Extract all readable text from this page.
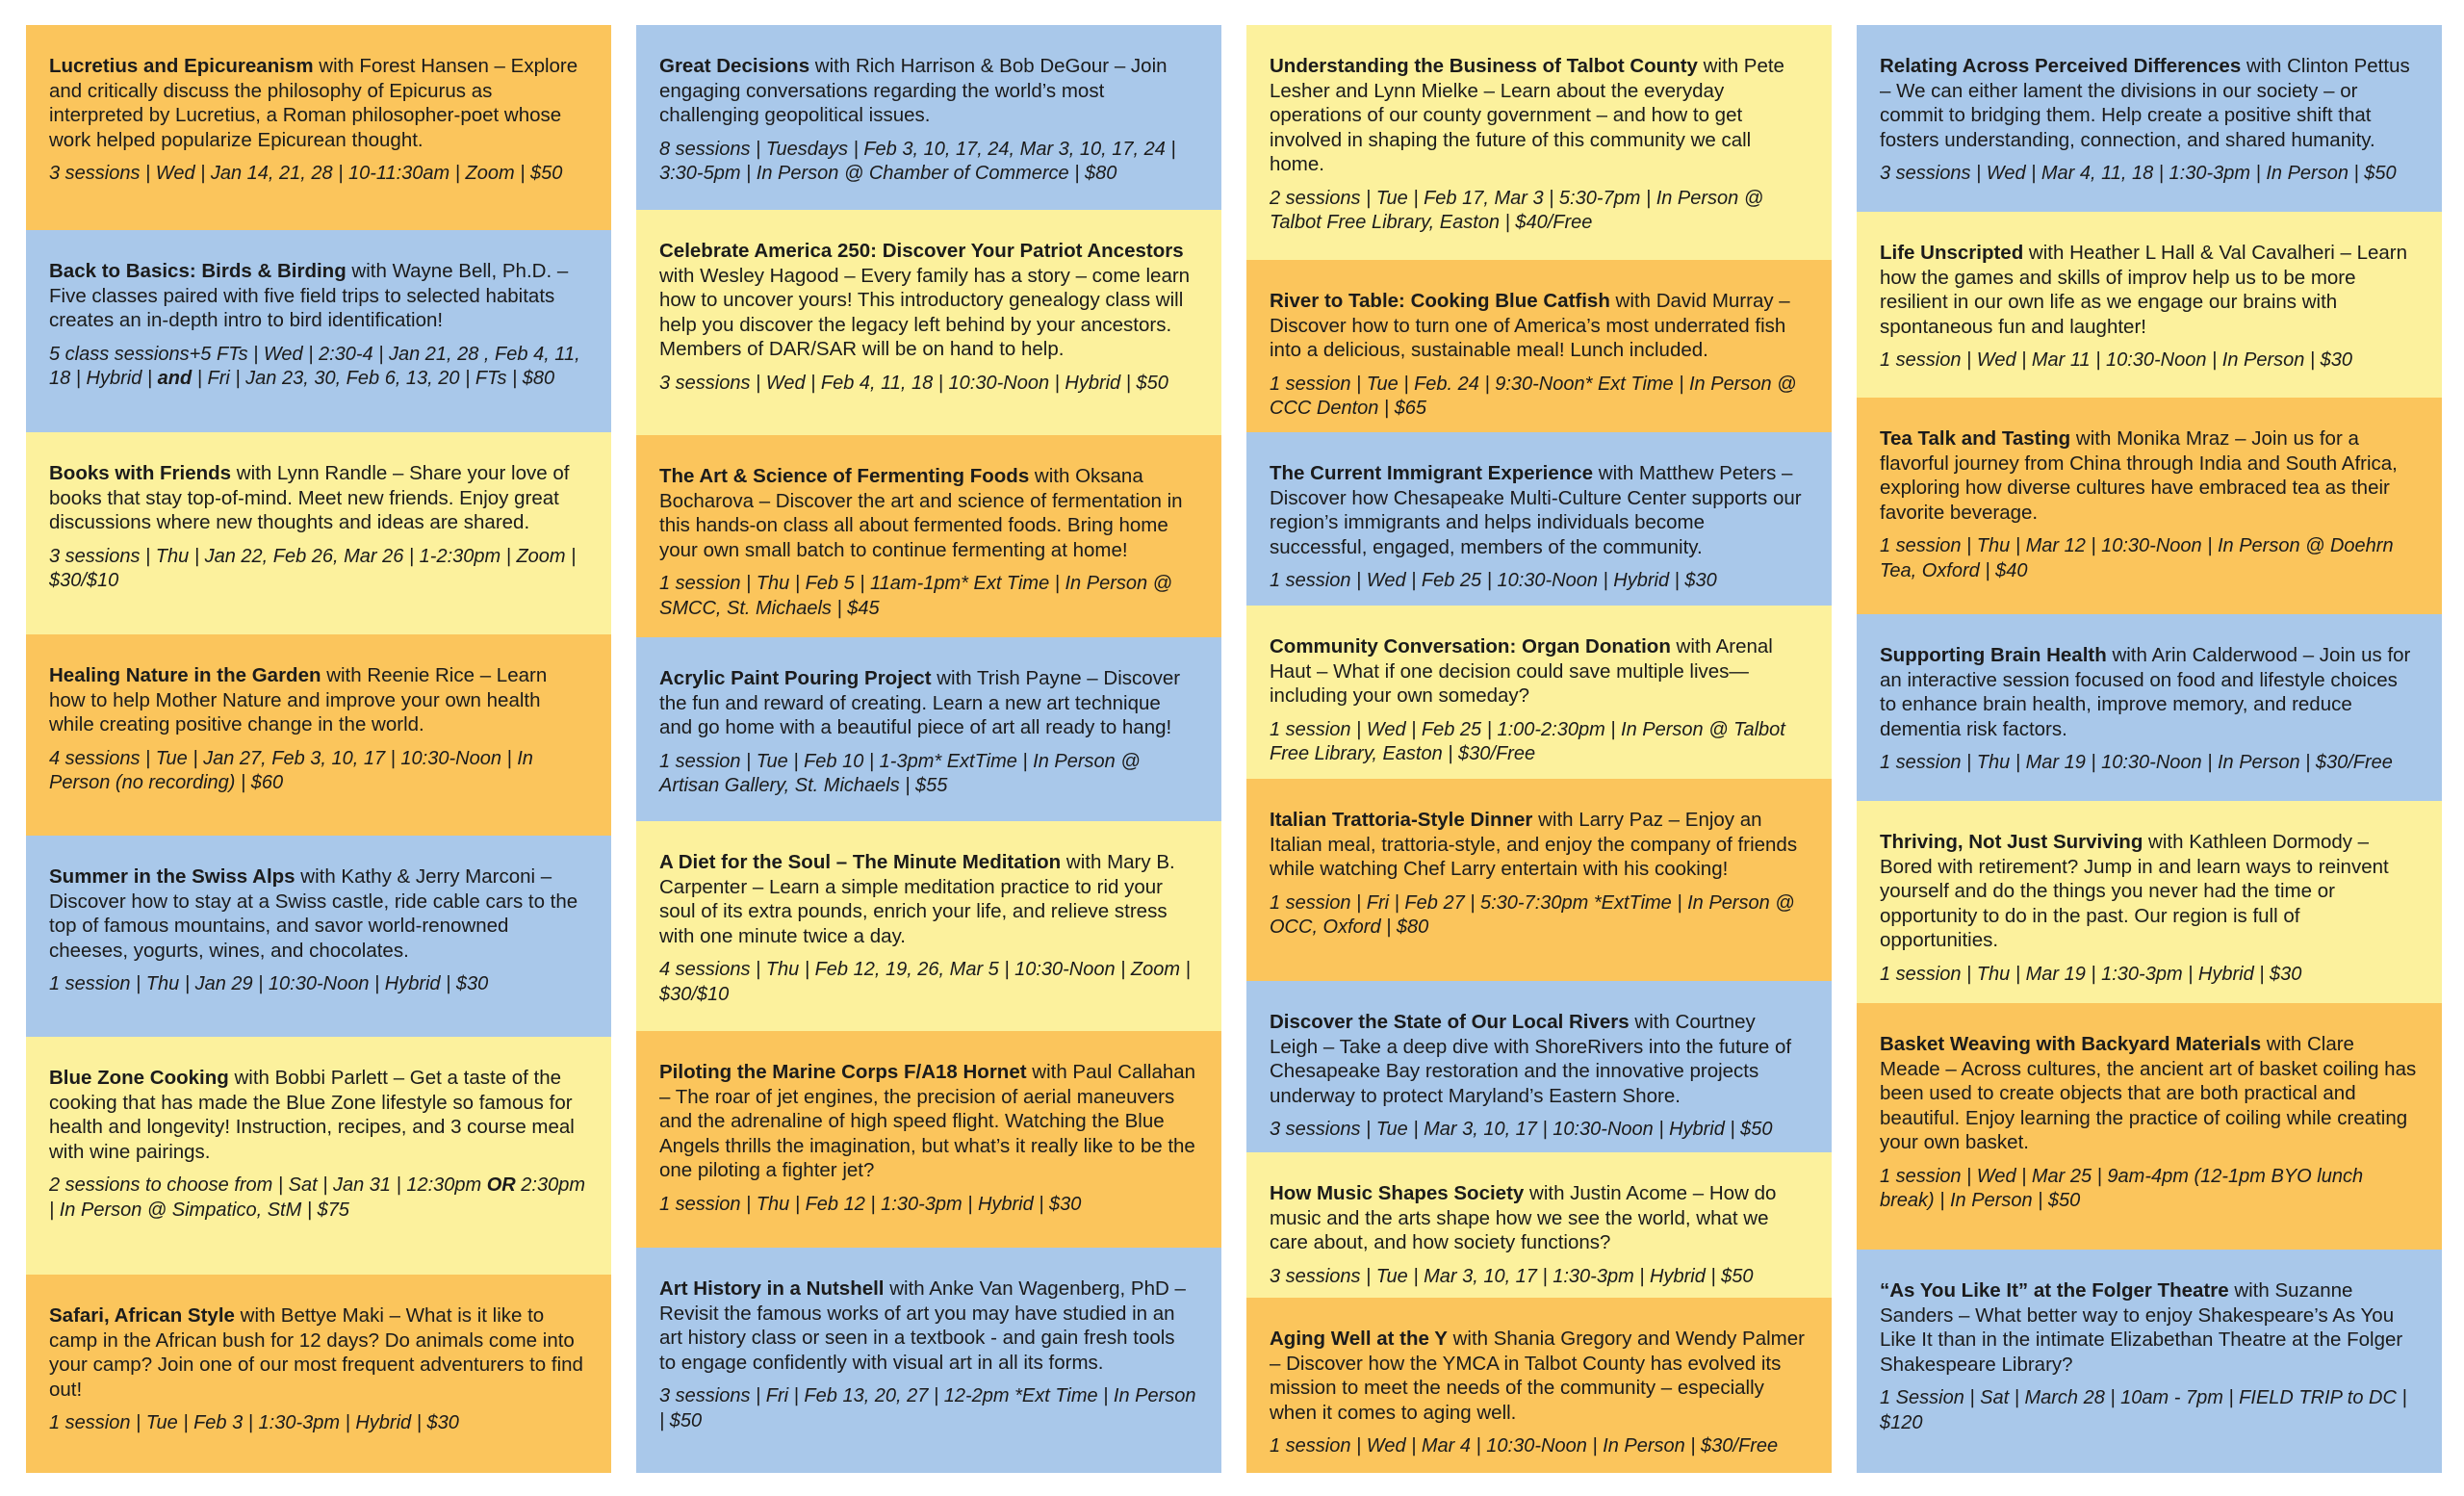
Lucretius and Epicureanism with Forest Hansen – Explore and critically discuss the philosophy of Epicurus as interpreted by Lucretius, a Roman philosopher-poet whose work helped popularize Epicurean thought.

3 sessions | Wed | Jan 14, 21, 28 | 10-11:30am | Zoom | $50

Back to Basics: Birds & Birding with Wayne Bell, Ph.D. – Five classes paired with five field trips to selected habitats creates an in-depth intro to bird identification!

5 class sessions+5 FTs | Wed | 2:30-4 | Jan 21, 28 , Feb 4, 11, 18 | Hybrid | and | Fri | Jan 23, 30, Feb 6, 13, 20 | FTs | $80

Books with Friends with Lynn Randle – Share your love of books that stay top-of-mind. Meet new friends. Enjoy great discussions where new thoughts and ideas are shared.

3 sessions | Thu | Jan 22, Feb 26, Mar 26 | 1-2:30pm | Zoom | $30/$10

Healing Nature in the Garden with Reenie Rice – Learn how to help Mother Nature and improve your own health while creating positive change in the world.

4 sessions | Tue | Jan 27, Feb 3, 10, 17 | 10:30-Noon | In Person (no recording) | $60

Summer in the Swiss Alps with Kathy & Jerry Marconi – Discover how to stay at a Swiss castle, ride cable cars to the top of famous mountains, and savor world-renowned cheeses, yogurts, wines, and chocolates.

1 session | Thu | Jan 29 | 10:30-Noon | Hybrid | $30

Blue Zone Cooking with Bobbi Parlett – Get a taste of the cooking that has made the Blue Zone lifestyle so famous for health and longevity! Instruction, recipes, and 3 course meal with wine pairings.

2 sessions to choose from | Sat | Jan 31 | 12:30pm OR 2:30pm | In Person @ Simpatico, StM | $75

Safari, African Style with Bettye Maki – What is it like to camp in the African bush for 12 days? Do animals come into your camp? Join one of our most frequent adventurers to find out!

1 session | Tue | Feb 3 | 1:30-3pm | Hybrid | $30

Great Decisions with Rich Harrison & Bob DeGour – Join engaging conversations regarding the world’s most challenging geopolitical issues.

8 sessions | Tuesdays | Feb 3, 10, 17, 24, Mar 3, 10, 17, 24 | 3:30-5pm | In Person @ Chamber of Commerce | $80

Celebrate America 250: Discover Your Patriot Ancestors with Wesley Hagood – Every family has a story – come learn how to uncover yours! This introductory genealogy class will help you discover the legacy left behind by your ancestors. Members of DAR/SAR will be on hand to help.

3 sessions | Wed | Feb 4, 11, 18 | 10:30-Noon | Hybrid | $50

The Art & Science of Fermenting Foods with Oksana Bocharova – Discover the art and science of fermentation in this hands-on class all about fermented foods. Bring home your own small batch to continue fermenting at home!

1 session | Thu | Feb 5 | 11am-1pm* Ext Time | In Person @ SMCC, St. Michaels | $45

Acrylic Paint Pouring Project with Trish Payne – Discover the fun and reward of creating. Learn a new art technique and go home with a beautiful piece of art all ready to hang!

1 session | Tue | Feb 10 | 1-3pm* ExtTime | In Person @ Artisan Gallery, St. Michaels | $55

A Diet for the Soul – The Minute Meditation with Mary B. Carpenter – Learn a simple meditation practice to rid your soul of its extra pounds, enrich your life, and relieve stress with one minute twice a day.

4 sessions | Thu | Feb 12, 19, 26, Mar 5 | 10:30-Noon | Zoom | $30/$10

Piloting the Marine Corps F/A18 Hornet with Paul Callahan – The roar of jet engines, the precision of aerial maneuvers and the adrenaline of high speed flight. Watching the Blue Angels thrills the imagination, but what’s it really like to be the one piloting a fighter jet?

1 session | Thu | Feb 12 | 1:30-3pm | Hybrid | $30

Art History in a Nutshell with Anke Van Wagenberg, PhD – Revisit the famous works of art you may have studied in an art history class or seen in a textbook - and gain fresh tools to engage confidently with visual art in all its forms.

3 sessions | Fri | Feb 13, 20, 27 | 12-2pm *Ext Time | In Person | $50

Understanding the Business of Talbot County with Pete Lesher and Lynn Mielke – Learn about the everyday operations of our county government – and how to get involved in shaping the future of this community we call home.

2 sessions | Tue | Feb 17, Mar 3 | 5:30-7pm | In Person @ Talbot Free Library, Easton | $40/Free

River to Table: Cooking Blue Catfish with David Murray – Discover how to turn one of America’s most underrated fish into a delicious, sustainable meal! Lunch included.

1 session | Tue | Feb. 24 | 9:30-Noon* Ext Time | In Person @ CCC Denton | $65

The Current Immigrant Experience with Matthew Peters – Discover how Chesapeake Multi-Culture Center supports our region’s immigrants and helps individuals become successful, engaged, members of the community.

1 session | Wed | Feb 25 | 10:30-Noon | Hybrid | $30

Community Conversation: Organ Donation with Arenal Haut – What if one decision could save multiple lives—including your own someday?

1 session | Wed | Feb 25 | 1:00-2:30pm | In Person @ Talbot Free Library, Easton | $30/Free

Italian Trattoria-Style Dinner with Larry Paz – Enjoy an Italian meal, trattoria-style, and enjoy the company of friends while watching Chef Larry entertain with his cooking!

1 session | Fri | Feb 27 | 5:30-7:30pm *ExtTime | In Person @ OCC, Oxford | $80

Discover the State of Our Local Rivers with Courtney Leigh – Take a deep dive with ShoreRivers into the future of Chesapeake Bay restoration and the innovative projects underway to protect Maryland’s Eastern Shore.

3 sessions | Tue | Mar 3, 10, 17 | 10:30-Noon | Hybrid | $50

How Music Shapes Society with Justin Acome – How do music and the arts shape how we see the world, what we care about, and how society functions?

3 sessions | Tue | Mar 3, 10, 17 | 1:30-3pm | Hybrid | $50

Aging Well at the Y with Shania Gregory and Wendy Palmer – Discover how the YMCA in Talbot County has evolved its mission to meet the needs of the community – especially when it comes to aging well.

1 session | Wed | Mar 4 | 10:30-Noon | In Person | $30/Free

Relating Across Perceived Differences with Clinton Pettus – We can either lament the divisions in our society – or commit to bridging them. Help create a positive shift that fosters understanding, connection, and shared humanity.

3 sessions | Wed | Mar 4, 11, 18 | 1:30-3pm | In Person | $50

Life Unscripted with Heather L Hall & Val Cavalheri – Learn how the games and skills of improv help us to be more resilient in our own life as we engage our brains with spontaneous fun and laughter!

1 session | Wed | Mar 11 | 10:30-Noon | In Person | $30

Tea Talk and Tasting with Monika Mraz – Join us for a flavorful journey from China through India and South Africa, exploring how diverse cultures have embraced tea as their favorite beverage.

1 session | Thu | Mar 12 | 10:30-Noon | In Person @ Doehrn Tea, Oxford | $40

Supporting Brain Health with Arin Calderwood – Join us for an interactive session focused on food and lifestyle choices to enhance brain health, improve memory, and reduce dementia risk factors.

1 session | Thu | Mar 19 | 10:30-Noon | In Person | $30/Free

Thriving, Not Just Surviving with Kathleen Dormody – Bored with retirement? Jump in and learn ways to reinvent yourself and do the things you never had the time or opportunity to do in the past. Our region is full of opportunities.

1 session | Thu | Mar 19 | 1:30-3pm | Hybrid | $30

Basket Weaving with Backyard Materials with Clare Meade – Across cultures, the ancient art of basket coiling has been used to create objects that are both practical and beautiful. Enjoy learning the practice of coiling while creating your own basket.

1 session | Wed | Mar 25 | 9am-4pm (12-1pm BYO lunch break) | In Person | $50

“As You Like It” at the Folger Theatre with Suzanne Sanders – What better way to enjoy Shakespeare’s As You Like It than in the intimate Elizabethan Theatre at the Folger Shakespeare Library?

1 Session | Sat | March 28 | 10am - 7pm | FIELD TRIP to DC | $120
